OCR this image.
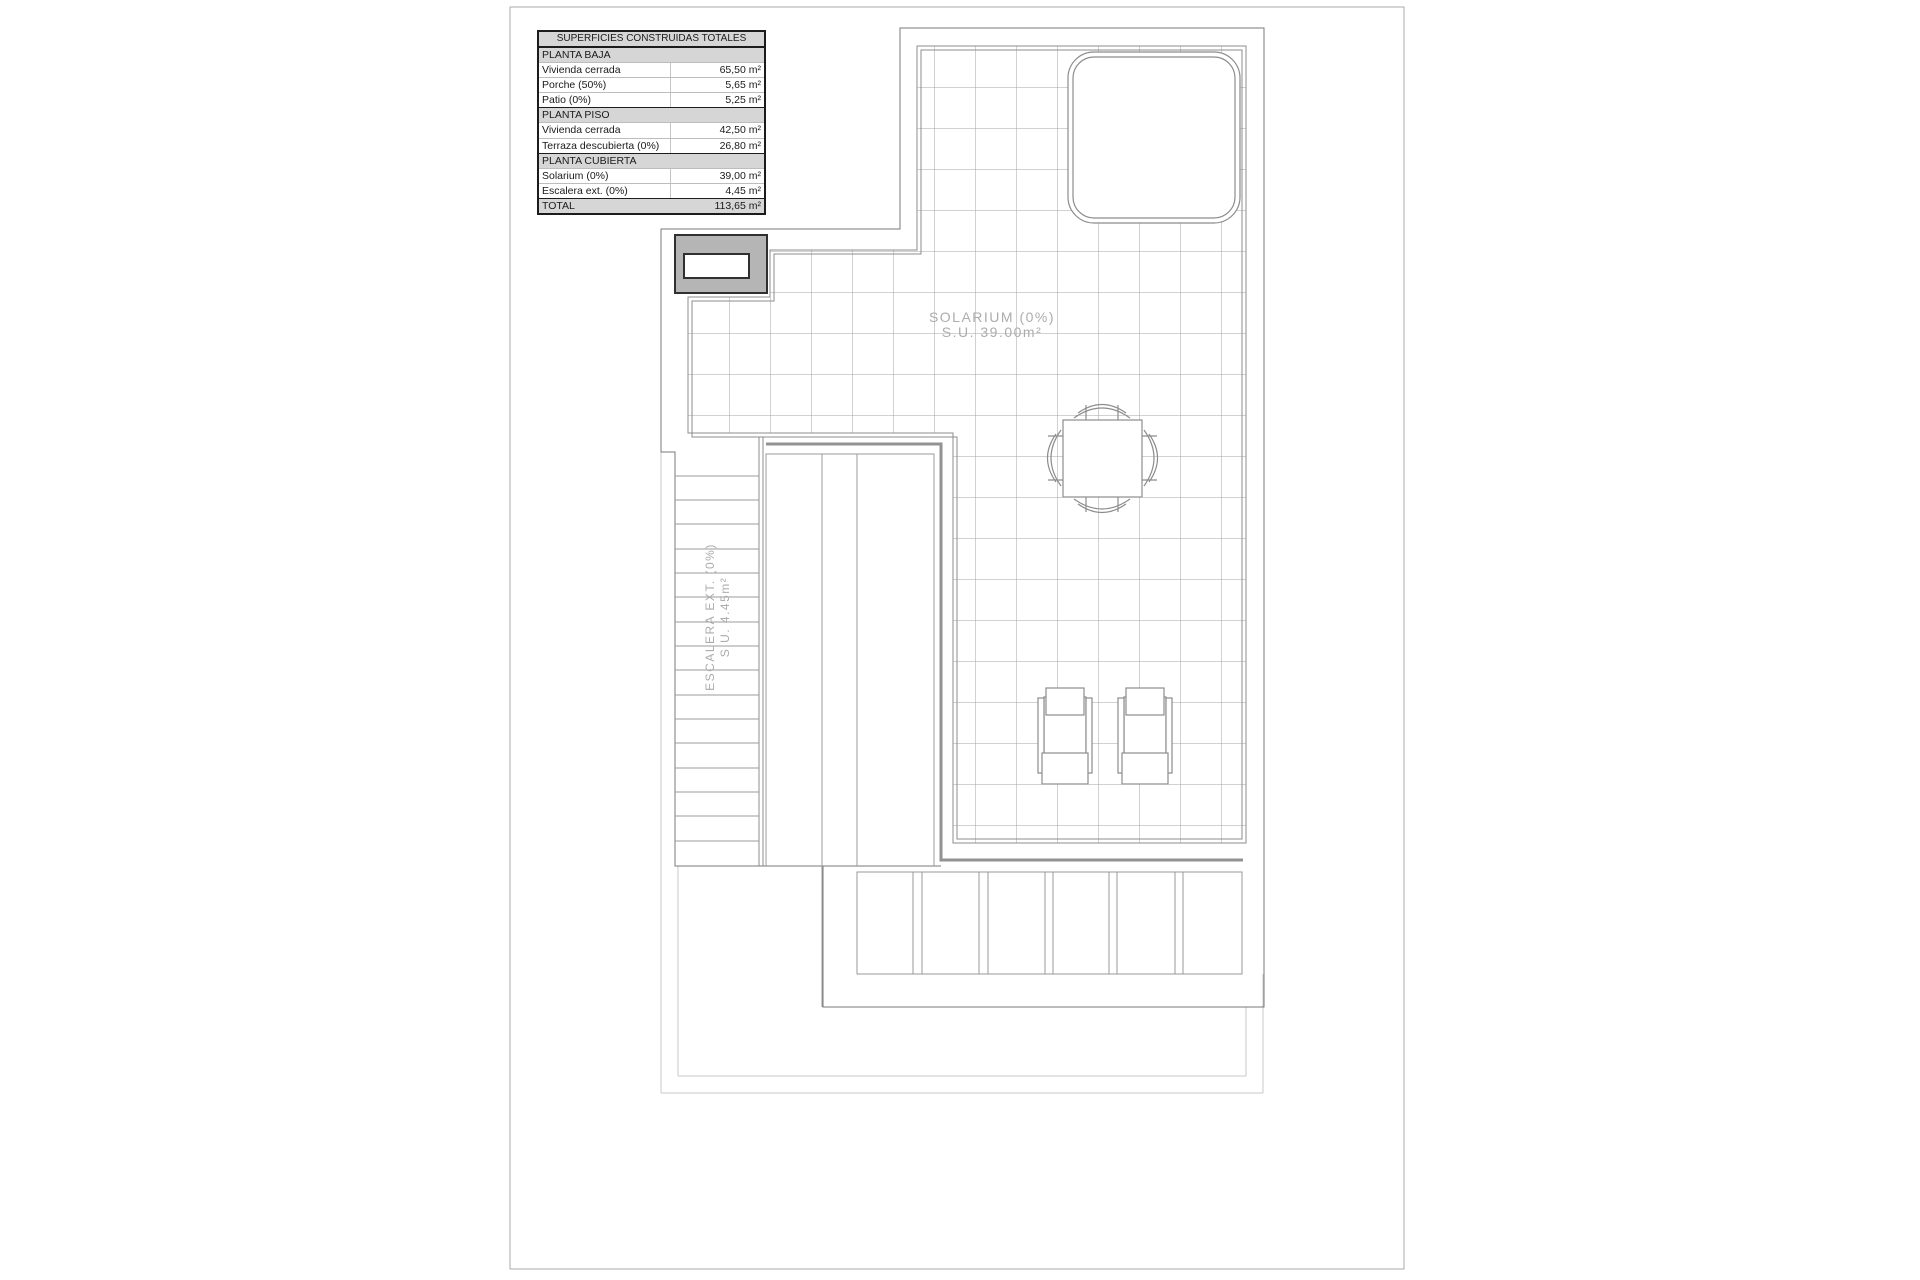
SOLARIUM (0%)
S.U. 39.00m²
ESCALERA EXT. (0%) S.U. 4.45m²
SUPERFICIES CONSTRUIDAS TOTALES
PLANTA BAJA
Vivienda cerrada	65,50 m²
Porche (50%)	5,65 m²
Patio (0%)	5,25 m²
PLANTA PISO
Vivienda cerrada	42,50 m²
Terraza descubierta (0%)	26,80 m²
PLANTA CUBIERTA
Solarium (0%)	39,00 m²
Escalera ext. (0%)	4,45 m²
TOTAL	113,65 m²
